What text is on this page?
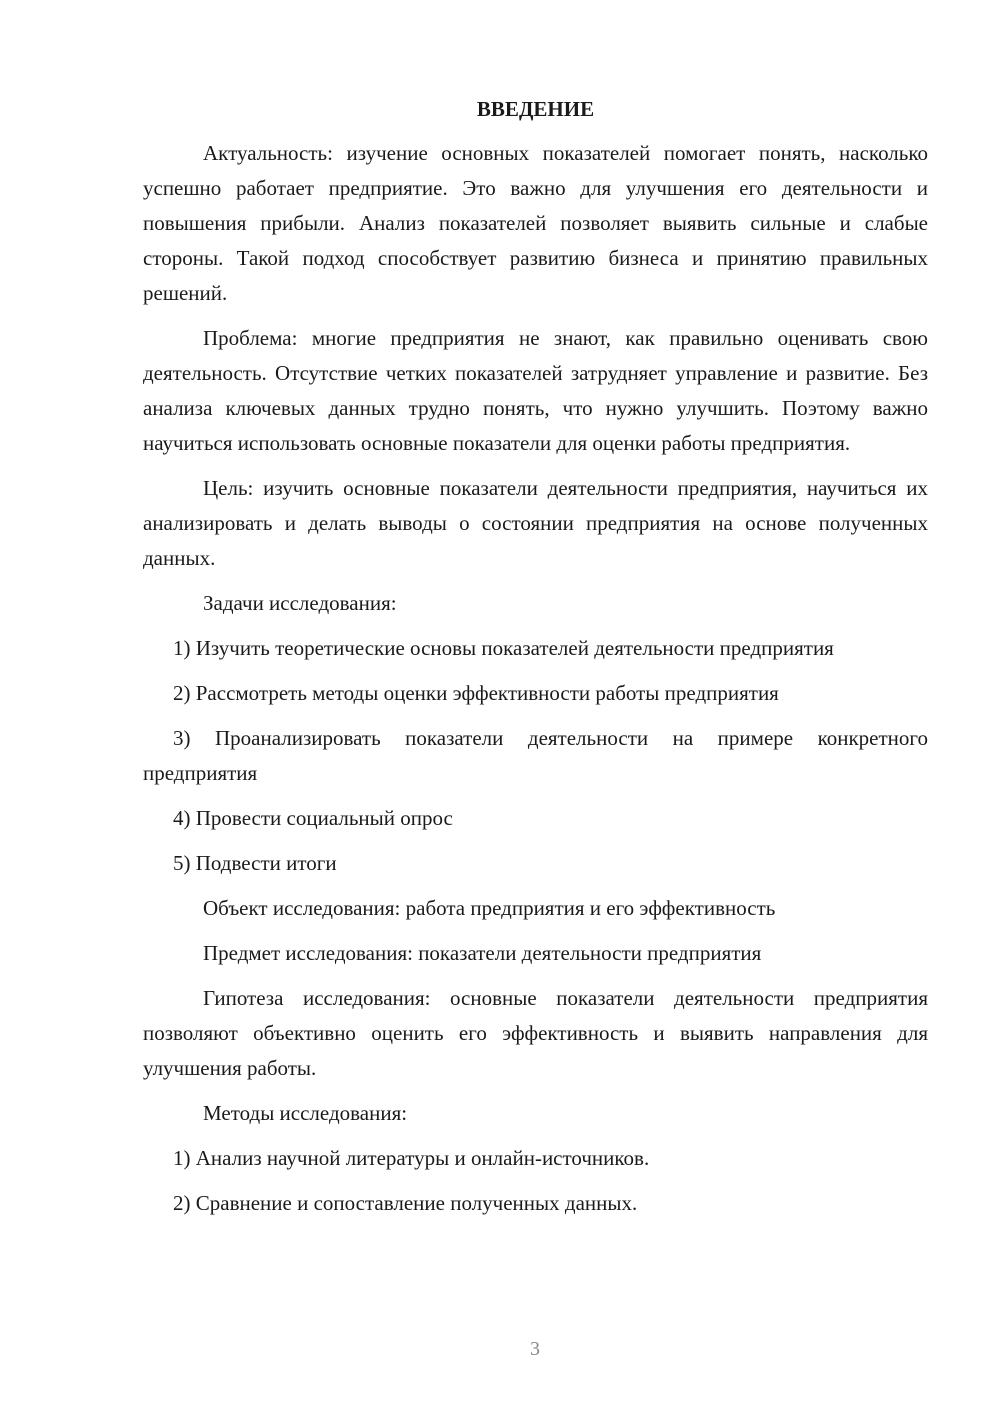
ВВЕДЕНИЕ

Актуальность: изучение основных показателей помогает понять, насколько успешно работает предприятие. Это важно для улучшения его деятельности и повышения прибыли. Анализ показателей позволяет выявить сильные и слабые стороны. Такой подход способствует развитию бизнеса и принятию правильных решений.

Проблема: многие предприятия не знают, как правильно оценивать свою деятельность. Отсутствие четких показателей затрудняет управление и развитие. Без анализа ключевых данных трудно понять, что нужно улучшить. Поэтому важно научиться использовать основные показатели для оценки работы предприятия.

Цель: изучить основные показатели деятельности предприятия, научиться их анализировать и делать выводы о состоянии предприятия на основе полученных данных.

Задачи исследования:

1) Изучить теоретические основы показателей деятельности предприятия

2) Рассмотреть методы оценки эффективности работы предприятия

3) Проанализировать показатели деятельности на примере конкретного предприятия

4) Провести социальный опрос

5) Подвести итоги

Объект исследования: работа предприятия и его эффективность

Предмет исследования: показатели деятельности предприятия

Гипотеза исследования: основные показатели деятельности предприятия позволяют объективно оценить его эффективность и выявить направления для улучшения работы.

Методы исследования:

1) Анализ научной литературы и онлайн-источников.

2) Сравнение и сопоставление полученных данных.

3
